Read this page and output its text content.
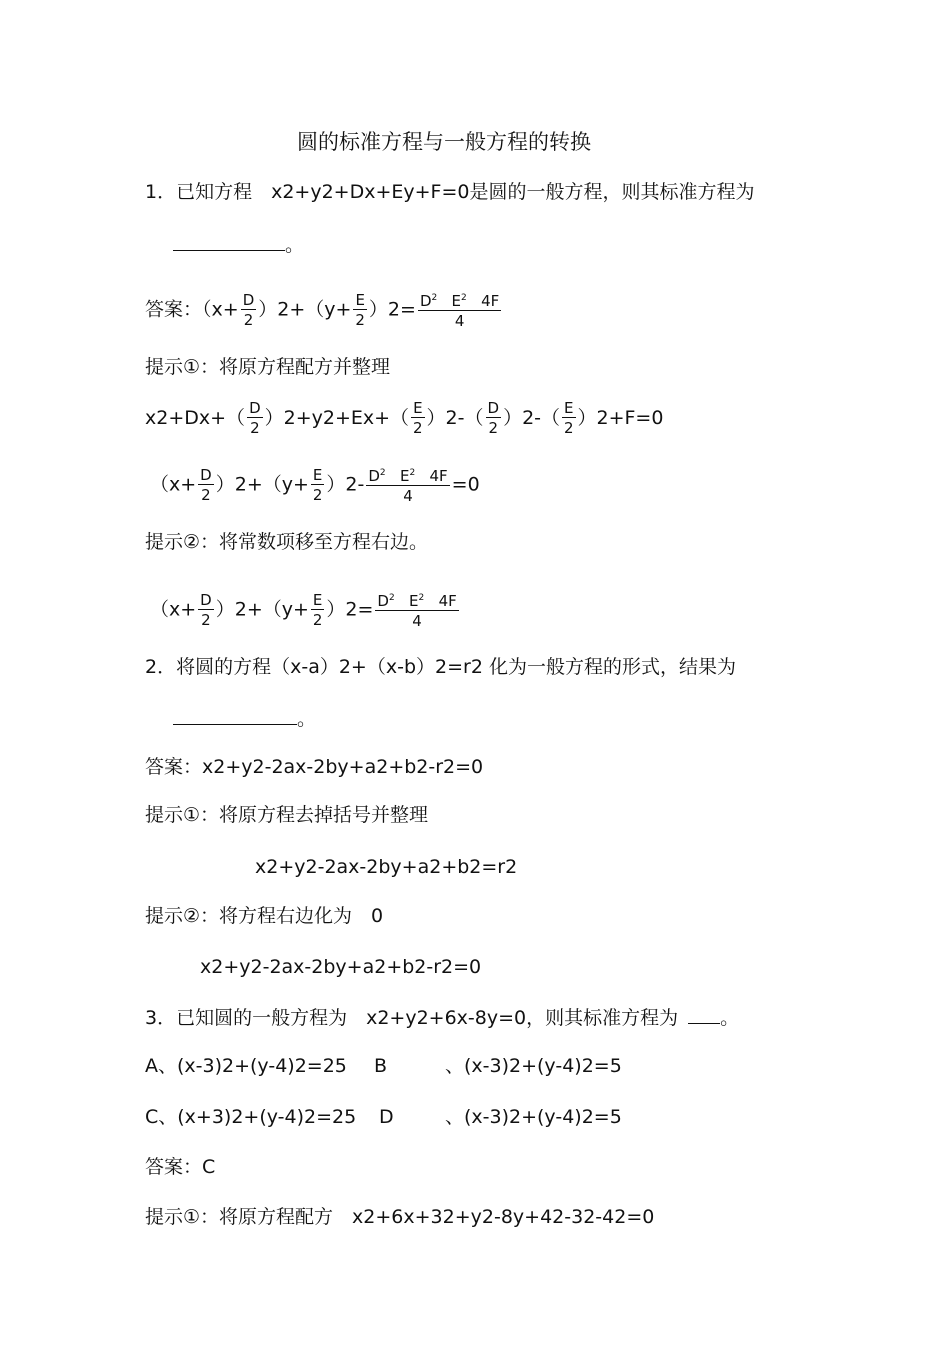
圆的标准方程与一般方程的转换
1．已知方程　x2+y2+Dx+Ey+F=0是圆的一般方程，则其标准方程为
。
答案：$(x+ \frac{D}{2} )2+(y+ \frac{E}{2} )2= \frac{D^2 E^2 4F}{4}$
提示①：将原方程配方并整理
$x2+Dx+( \frac{D}{2} )2+y2+Ex+( \frac{E}{2} )2-( \frac{D}{2} )2-( \frac{E}{2} )2+F=0$
$(x+ \frac{D}{2} )2+(y+ \frac{E}{2} )2- \frac{D^2 E^2 4F}{4} =0$
提示②：将常数项移至方程右边。
$(x+ \frac{D}{2} )2+(y+ \frac{E}{2} )2= \frac{D^2 E^2 4F}{4}$
2．将圆的方程（x-a）2+（x-b）2=r2 化为一般方程的形式，结果为
。
答案：x2+y2-2ax-2by+a2+b2-r2=0
提示①：将原方程去掉括号并整理
x2+y2-2ax-2by+a2+b2=r2
提示②：将方程右边化为　0
x2+y2-2ax-2by+a2+b2-r2=0
3．已知圆的一般方程为　x2+y2+6x-8y=0，则其标准方程为 。
A、(x-3)2+(y-4)2=25 B	、(x-3)2+(y-4)2=5
C、(x+3)2+(y-4)2=25 D	、(x-3)2+(y-4)2=5
答案：C
提示①：将原方程配方　x2+6x+32+y2-8y+42-32-42=0
